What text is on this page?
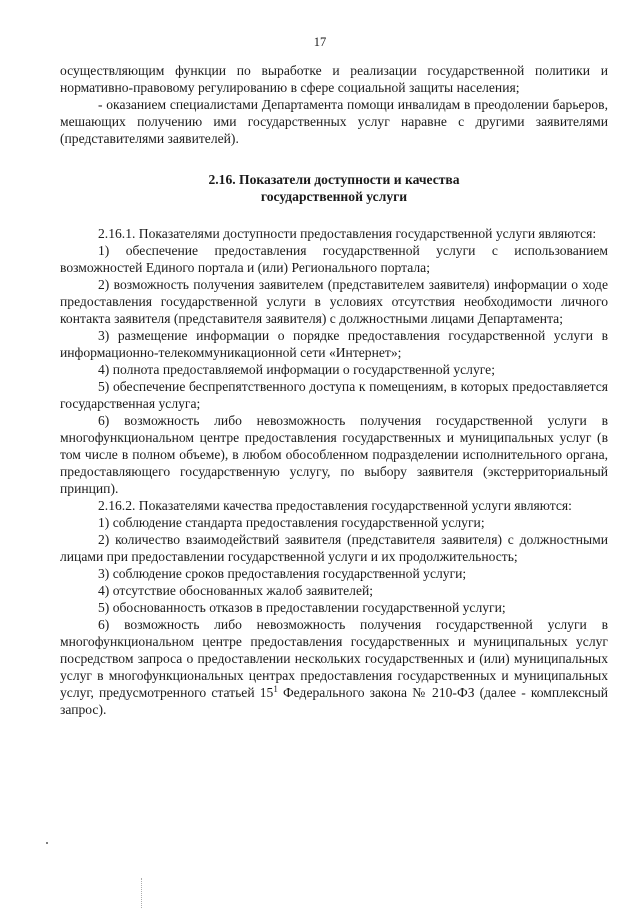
17

осуществляющим функции по выработке и реализации государственной политики и нормативно-правовому регулированию в сфере социальной защиты населения;

- оказанием специалистами Департамента помощи инвалидам в преодолении барьеров, мешающих получению ими государственных услуг наравне с другими заявителями (представителями заявителей).

2.16. Показатели доступности и качества
государственной услуги

2.16.1. Показателями доступности предоставления государственной услуги являются:

1) обеспечение предоставления государственной услуги с использованием возможностей Единого портала и (или) Регионального портала;

2) возможность получения заявителем (представителем заявителя) информации о ходе предоставления государственной услуги в условиях отсутствия необходимости личного контакта заявителя (представителя заявителя) с должностными лицами Департамента;

3) размещение информации о порядке предоставления государственной услуги в информационно-телекоммуникационной сети «Интернет»;

4) полнота предоставляемой информации о государственной услуге;

5) обеспечение беспрепятственного доступа к помещениям, в которых предоставляется государственная услуга;

6) возможность либо невозможность получения государственной услуги в многофункциональном центре предоставления государственных и муниципальных услуг (в том числе в полном объеме), в любом обособленном подразделении исполнительного органа, предоставляющего государственную услугу, по выбору заявителя (экстерриториальный принцип).

2.16.2. Показателями качества предоставления государственной услуги являются:

1) соблюдение стандарта предоставления государственной услуги;

2) количество взаимодействий заявителя (представителя заявителя) с должностными лицами при предоставлении государственной услуги и их продолжительность;

3) соблюдение сроков предоставления государственной услуги;

4) отсутствие обоснованных жалоб заявителей;

5) обоснованность отказов в предоставлении государственной услуги;

6) возможность либо невозможность получения государственной услуги в многофункциональном центре предоставления государственных и муниципальных услуг посредством запроса о предоставлении нескольких государственных и (или) муниципальных услуг в многофункциональных центрах предоставления государственных и муниципальных услуг, предусмотренного статьей $15^1$ Федерального закона № 210-ФЗ (далее - комплексный запрос).
